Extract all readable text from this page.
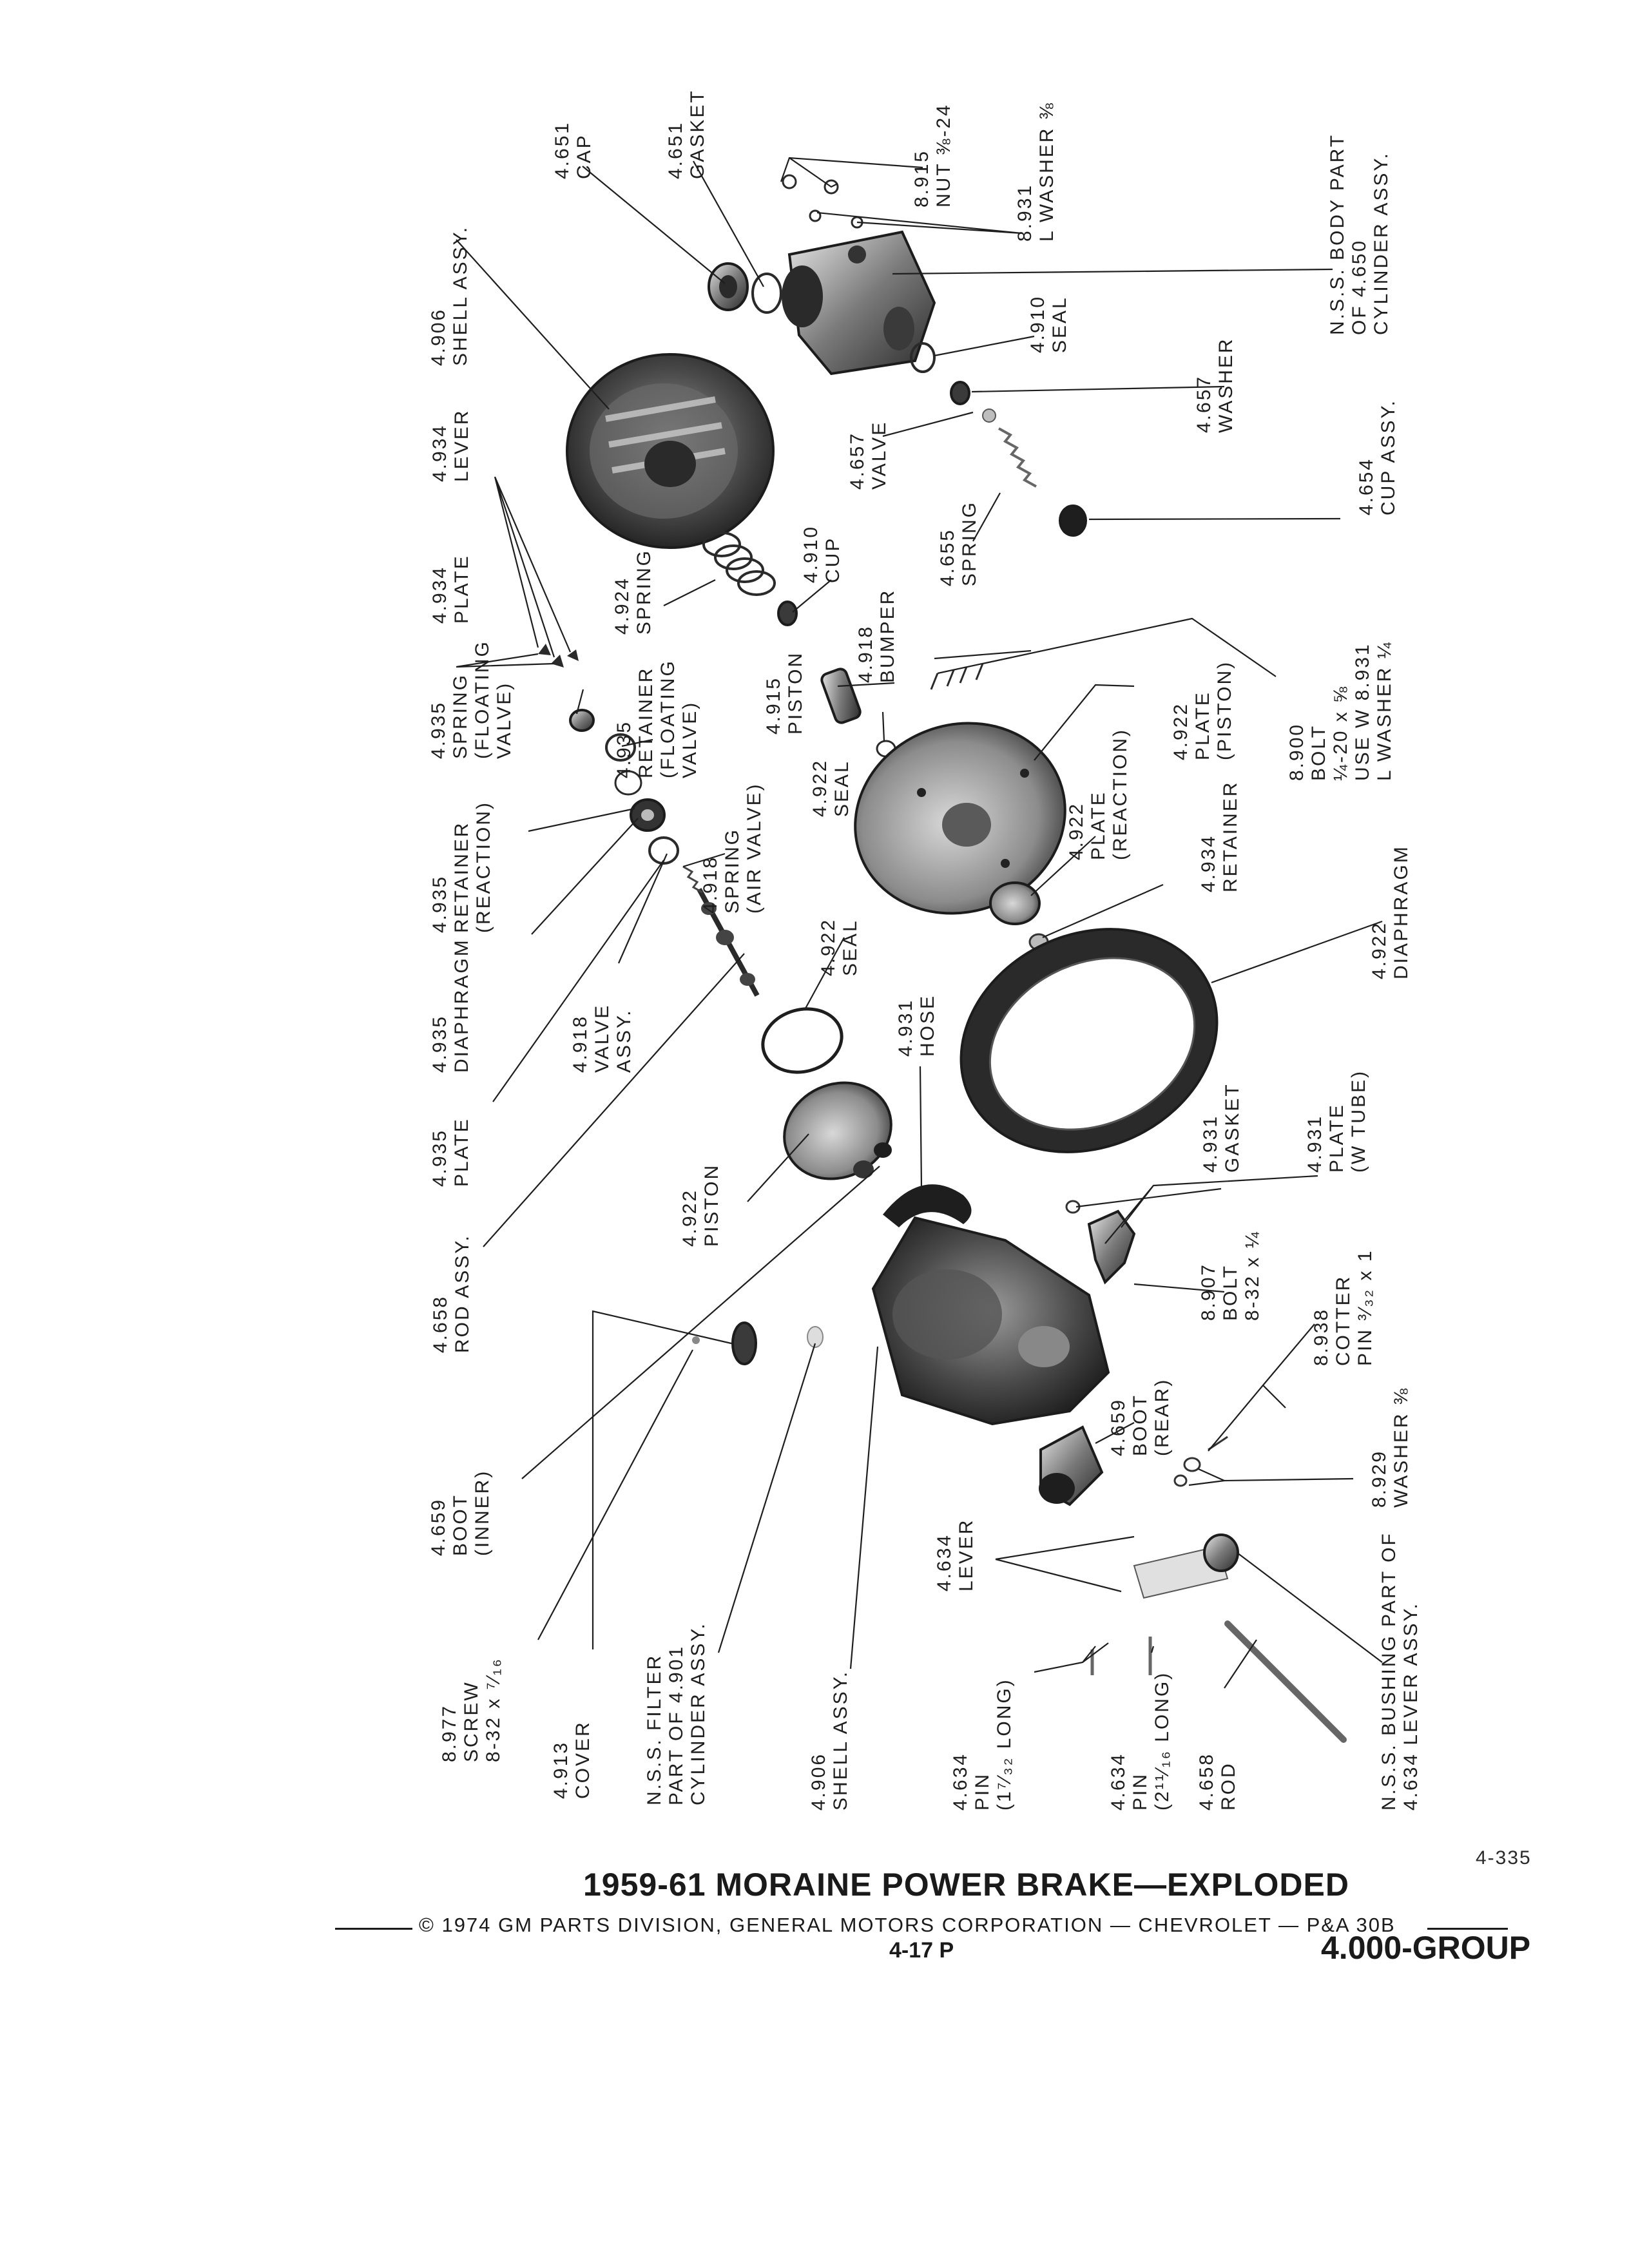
4.651 CAP	4.651 GASKET	8.915 NUT ⅜-24
8.931 L WASHER ⅜	N.S.S. BODY PART OF 4.650 CYLINDER ASSY.
4.906 SHELL ASSY.	4.910 SEAL
4.657 WASHER
4.657 VALVE	4.654 CUP ASSY.
4.934 LEVER
4.934 PLATE	4.924 SPRING	4.910 CUP	4.655 SPRING
4.918 BUMPER
4.915 PISTON
8.900 BOLT ¼-20 x ⅝ USE W 8.931 L WASHER ¼
4.922 PLATE (PISTON)
4.935 SPRING (FLOATING VALVE)	4.935 RETAINER (FLOATING VALVE)
4.922 SEAL
4.922 PLATE (REACTION)
4.935 RETAINER (REACTION)	4.918 SPRING (AIR VALVE)	4.934 RETAINER
4.935 DIAPHRAGM	4.922 SEAL	4.922 DIAPHRAGM
4.918 VALVE ASSY.	4.931 HOSE
4.935 PLATE	4.931 GASKET	4.931 PLATE (W TUBE)
4.922 PISTON
4.658 ROD ASSY.	8.907 BOLT 8-32 x ¼
8.938 COTTER PIN ³⁄₃₂ x 1
4.659 BOOT (REAR)
4.659 BOOT (INNER)	8.929 WASHER ⅜
4.634 LEVER
8.977 SCREW 8-32 x ⁷⁄₁₆
4.913 COVER	N.S.S. FILTER PART OF 4.901 CYLINDER ASSY.	4.906 SHELL ASSY.	4.634 PIN (1⁷⁄₃₂ LONG)	4.634 PIN (2¹¹⁄₁₆ LONG) 4.658 ROD	N.S.S. BUSHING PART OF 4.634 LEVER ASSY.
4-335
1959-61 MORAINE POWER BRAKE—EXPLODED
© 1974 GM PARTS DIVISION, GENERAL MOTORS CORPORATION — CHEVROLET — P&A 30B
4-17 P	4.000-GROUP
